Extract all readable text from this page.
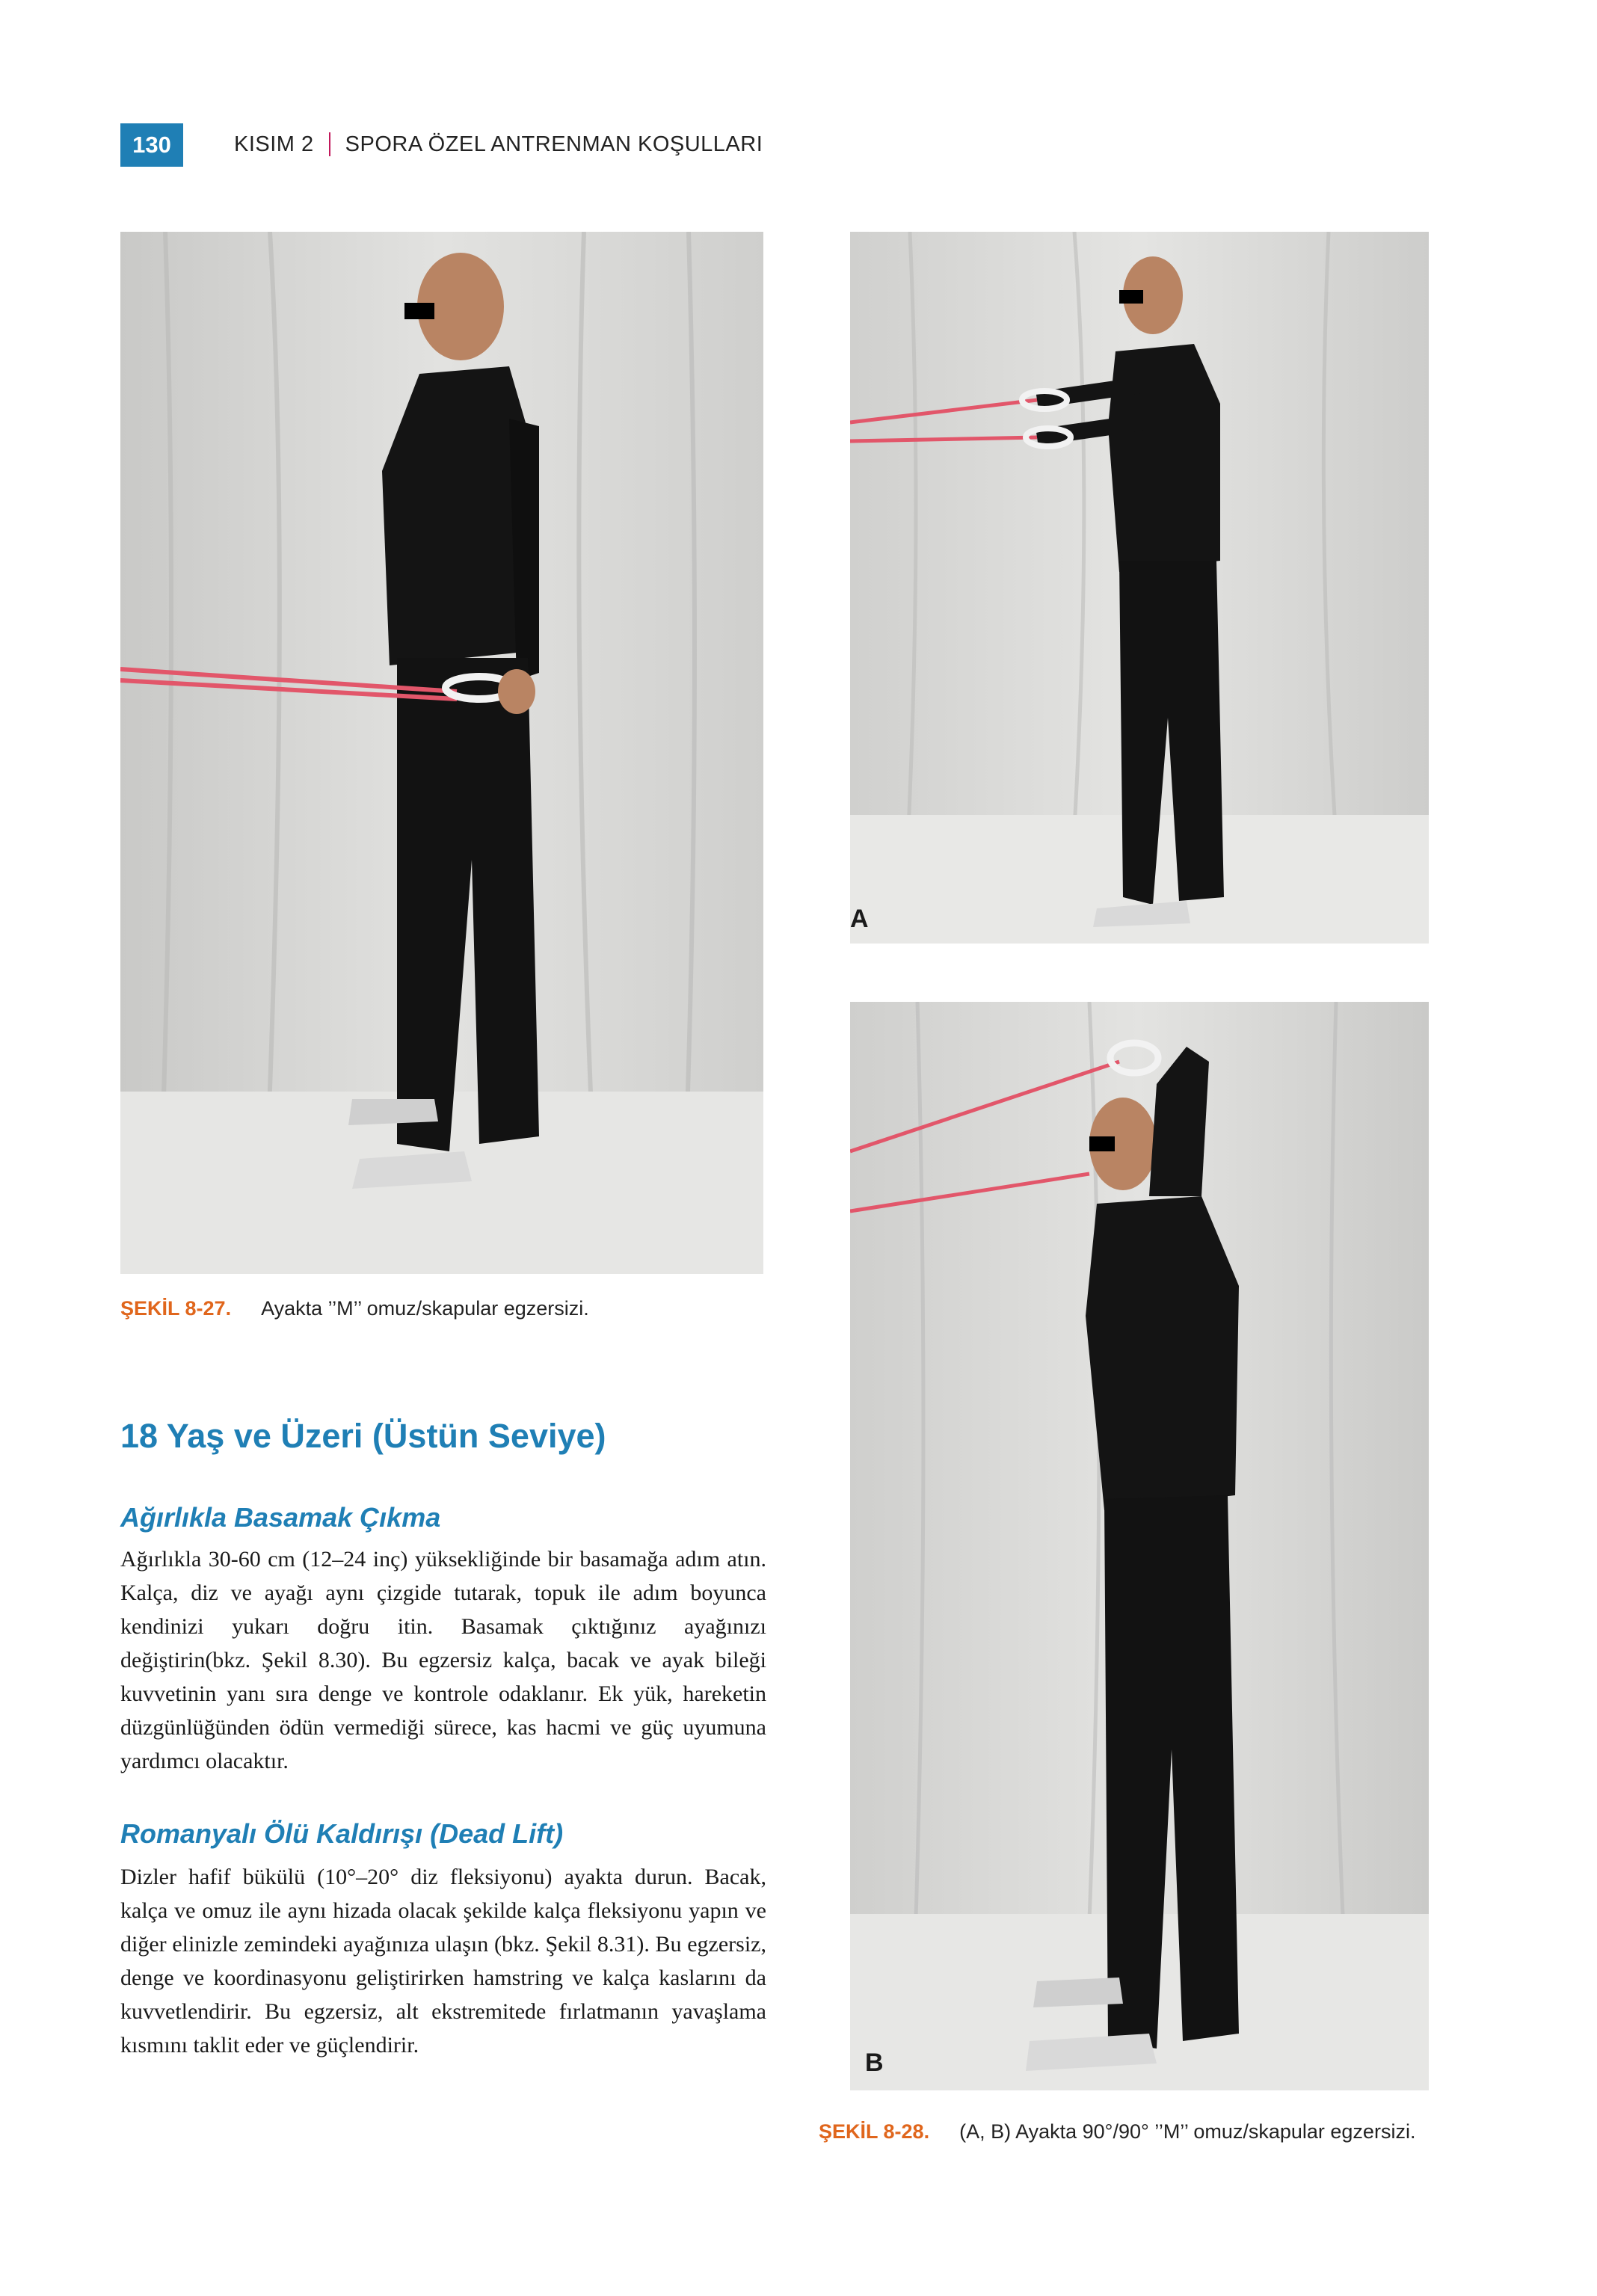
130	KISIM 2 SPORA ÖZEL ANTRENMAN KOŞULLARI
ŞEKİL 8-27. Ayakta ’’M’’ omuz/skapular egzersizi.
A
B
ŞEKİL 8-28. (A, B) Ayakta 90°/90° ’’M’’ omuz/skapular egzersizi.
18 Yaş ve Üzeri (Üstün Seviye)
Ağırlıkla Basamak Çıkma
Ağırlıkla 30-60 cm (12–24 inç) yüksekliğinde bir basamağa adım atın. Kalça, diz ve ayağı aynı çizgide tutarak, topuk ile adım boyunca kendinizi yukarı doğru itin. Basamak çıktığınız ayağınızı değiştirin(bkz. Şekil 8.30). Bu egzersiz kalça, bacak ve ayak bileği kuvvetinin yanı sıra denge ve kontrole odaklanır. Ek yük, hareketin düzgünlüğünden ödün vermediği sürece, kas hacmi ve güç uyumuna yardımcı olacaktır.
Romanyalı Ölü Kaldırışı (Dead Lift)
Dizler hafif bükülü (10°–20° diz fleksiyonu) ayakta durun. Bacak, kalça ve omuz ile aynı hizada olacak şekilde kalça fleksiyonu yapın ve diğer elinizle zemindeki ayağınıza ulaşın (bkz. Şekil 8.31). Bu egzersiz, denge ve koordinasyonu geliştirirken hamstring ve kalça kaslarını da kuvvetlendirir. Bu egzersiz, alt ekstremitede fırlatmanın yavaşlama kısmını taklit eder ve güçlendirir.
